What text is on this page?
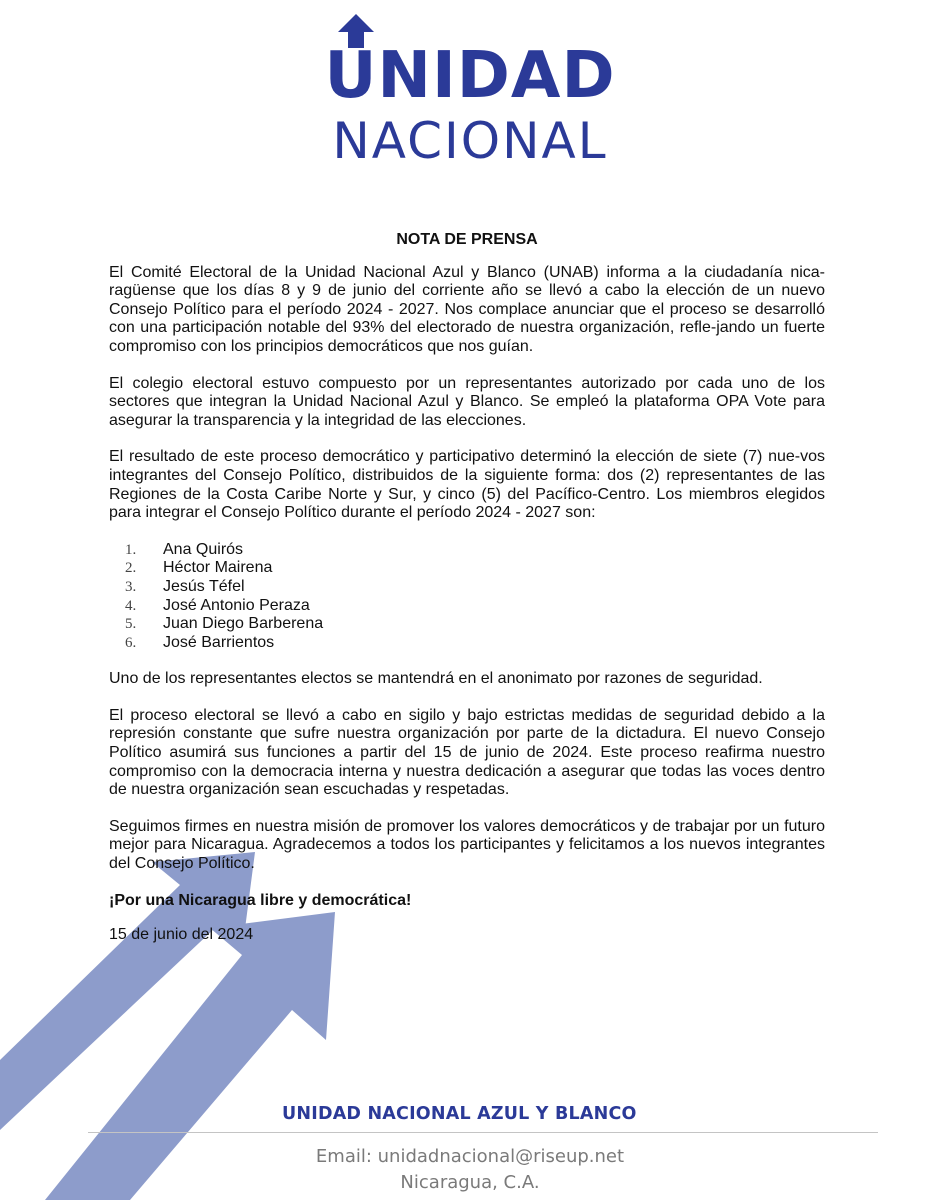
UNIDAD
NACIONAL
NOTA DE PRENSA

El Comité Electoral de la Unidad Nacional Azul y Blanco (UNAB) informa a la ciudadanía nica-ragüense que los días 8 y 9 de junio del corriente año se llevó a cabo la elección de un nuevo Consejo Político para el período 2024 - 2027. Nos complace anunciar que el proceso se desarrolló con una participación notable del 93% del electorado de nuestra organización, refle-jando un fuerte compromiso con los principios democráticos que nos guían.

El colegio electoral estuvo compuesto por un representantes autorizado por cada uno de los sectores que integran la Unidad Nacional Azul y Blanco. Se empleó la plataforma OPA Vote para asegurar la transparencia y la integridad de las elecciones.

El resultado de este proceso democrático y participativo determinó la elección de siete (7) nue-vos integrantes del Consejo Político, distribuidos de la siguiente forma: dos (2) representantes de las Regiones de la Costa Caribe Norte y Sur, y cinco (5) del Pacífico-Centro. Los miembros elegidos para integrar el Consejo Político durante el período 2024 - 2027 son:

1.	Ana Quirós
2.	Héctor Mairena
3.	Jesús Téfel
4.	José Antonio Peraza
5.	Juan Diego Barberena
6.	José Barrientos

Uno de los representantes electos se mantendrá en el anonimato por razones de seguridad.

El proceso electoral se llevó a cabo en sigilo y bajo estrictas medidas de seguridad debido a la represión constante que sufre nuestra organización por parte de la dictadura. El nuevo Consejo Político asumirá sus funciones a partir del 15 de junio de 2024. Este proceso reafirma nuestro compromiso con la democracia interna y nuestra dedicación a asegurar que todas las voces dentro de nuestra organización sean escuchadas y respetadas.

Seguimos firmes en nuestra misión de promover los valores democráticos y de trabajar por un futuro mejor para Nicaragua. Agradecemos a todos los participantes y felicitamos a los nuevos integrantes del Consejo Político.

¡Por una Nicaragua libre y democrática!

15 de junio del 2024

UNIDAD NACIONAL AZUL Y BLANCO
Email: unidadnacional@riseup.net
Nicaragua, C.A.
